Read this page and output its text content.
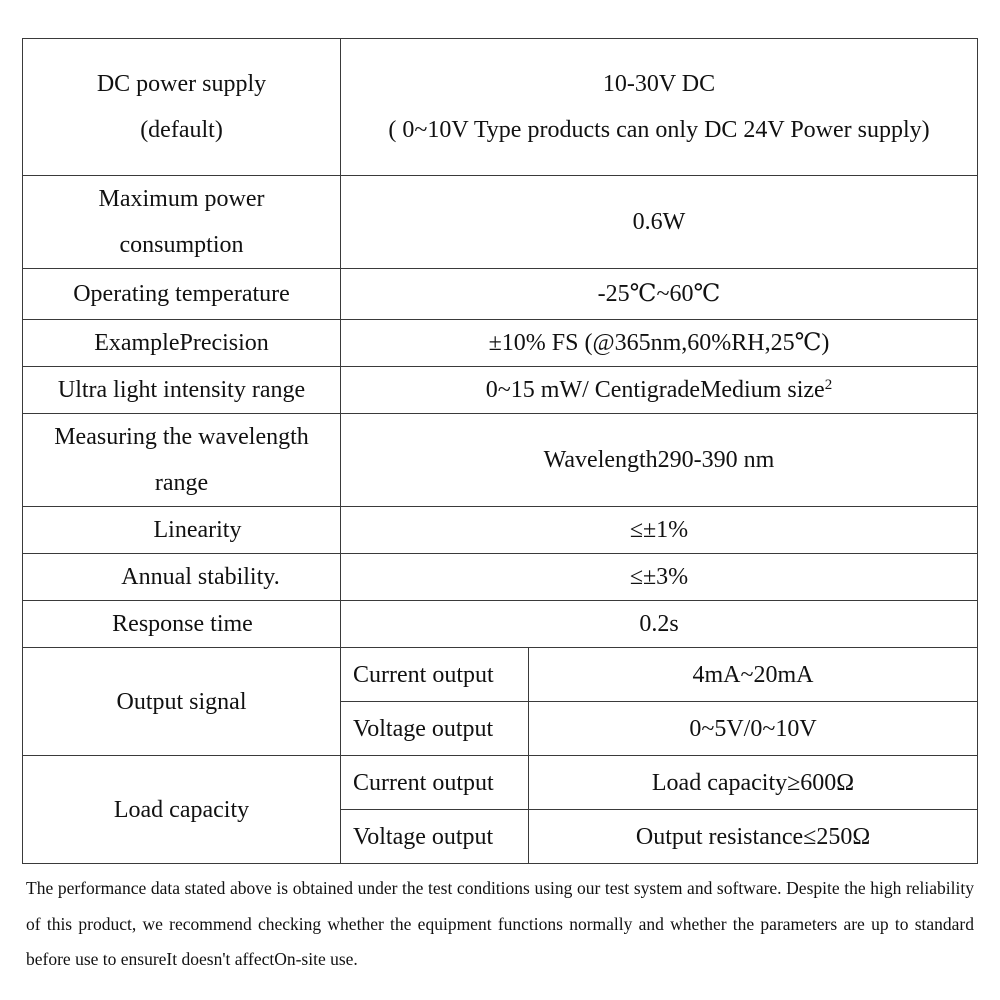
DC power supply
(default)	10-30V DC
( 0~10V Type products can only DC 24V Power supply)	
Maximum power
consumption	0.6W	
Operating temperature	-25℃~60℃	
ExamplePrecision	±10% FS (@365nm,60%RH,25℃)	
Ultra light intensity range	0~15 mW/ CentigradeMedium size$^2$
Measuring the wavelength
range	Wavelength290-390 nm	
Linearity	≤±1%	
Annual stability.	≤±3%	
Response time	0.2s	
Output signal	Current output	4mA~20mA
	Voltage output	0~5V/0~10V
Load capacity	Current output	Load capacity≥600Ω
	Voltage output	Output resistance≤250Ω
The performance data stated above is obtained under the test conditions using our test system and software. Despite the high reliability of this product, we recommend checking whether the equipment functions normally and whether the parameters are up to standard before use to ensureIt doesn't affectOn-site use.
